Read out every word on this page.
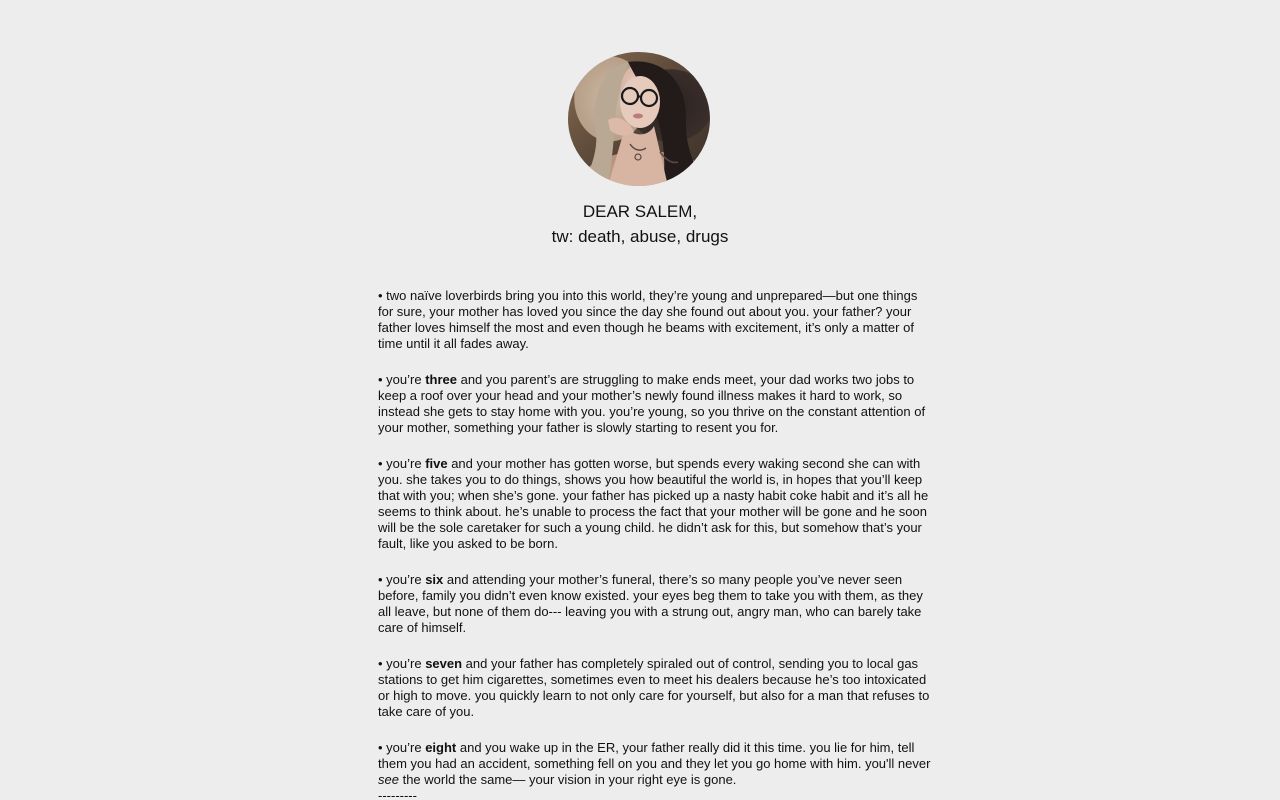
DEAR SALEM,
tw: death, abuse, drugs

• two naïve loverbirds bring you into this world, they’re young and unprepared—but one things for sure, your mother has loved you since the day she found out about you. your father? your father loves himself the most and even though he beams with excitement, it’s only a matter of time until it all fades away.

• you’re three and you parent’s are struggling to make ends meet, your dad works two jobs to keep a roof over your head and your mother’s newly found illness makes it hard to work, so instead she gets to stay home with you. you’re young, so you thrive on the constant attention of your mother, something your father is slowly starting to resent you for.

• you’re five and your mother has gotten worse, but spends every waking second she can with you. she takes you to do things, shows you how beautiful the world is, in hopes that you’ll keep that with you; when she’s gone. your father has picked up a nasty habit coke habit and it’s all he seems to think about. he’s unable to process the fact that your mother will be gone and he soon will be the sole caretaker for such a young child. he didn’t ask for this, but somehow that’s your fault, like you asked to be born.

• you’re six and attending your mother’s funeral, there’s so many people you’ve never seen before, family you didn’t even know existed. your eyes beg them to take you with them, as they all leave, but none of them do--- leaving you with a strung out, angry man, who can barely take care of himself.

• you’re seven and your father has completely spiraled out of control, sending you to local gas stations to get him cigarettes, sometimes even to meet his dealers because he’s too intoxicated or high to move. you quickly learn to not only care for yourself, but also for a man that refuses to take care of you.

• you’re eight and you wake up in the ER, your father really did it this time. you lie for him, tell them you had an accident, something fell on you and they let you go home with him. you'll never see the world the same— your vision in your right eye is gone.

---------
